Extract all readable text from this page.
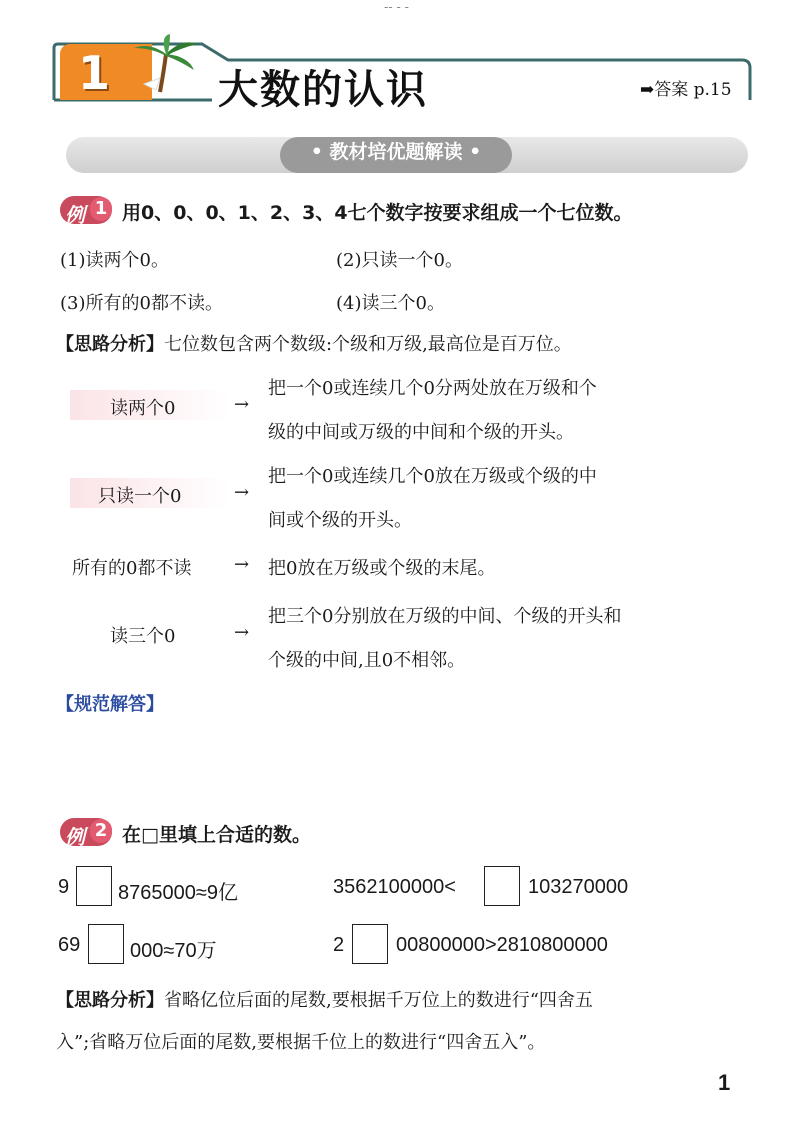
-- - -
1	大数的认识	➡答案 p.15
• 教材培优题解读 •
例 1 用0、0、0、1、2、3、4七个数字按要求组成一个七位数。
(1)读两个0。	(2)只读一个0。
(3)所有的0都不读。	(4)读三个0。
【思路分析】七位数包含两个数级:个级和万级,最高位是百万位。
读两个0	→
把一个0或连续几个0分两处放在万级和个
级的中间或万级的中间和个级的开头。
只读一个0	→
把一个0或连续几个0放在万级或个级的中
间或个级的开头。
所有的0都不读 → 把0放在万级或个级的末尾。
读三个0	→
把三个0分别放在万级的中间、个级的开头和
个级的中间,且0不相邻。
【规范解答】
例 2 在□里填上合适的数。
9 8765000≈9亿	3562100000<	103270000
69 000≈70万	2	00800000>2810800000
【思路分析】省略亿位后面的尾数,要根据千万位上的数进行“四舍五
入”;省略万位后面的尾数,要根据千位上的数进行“四舍五入”。
1
